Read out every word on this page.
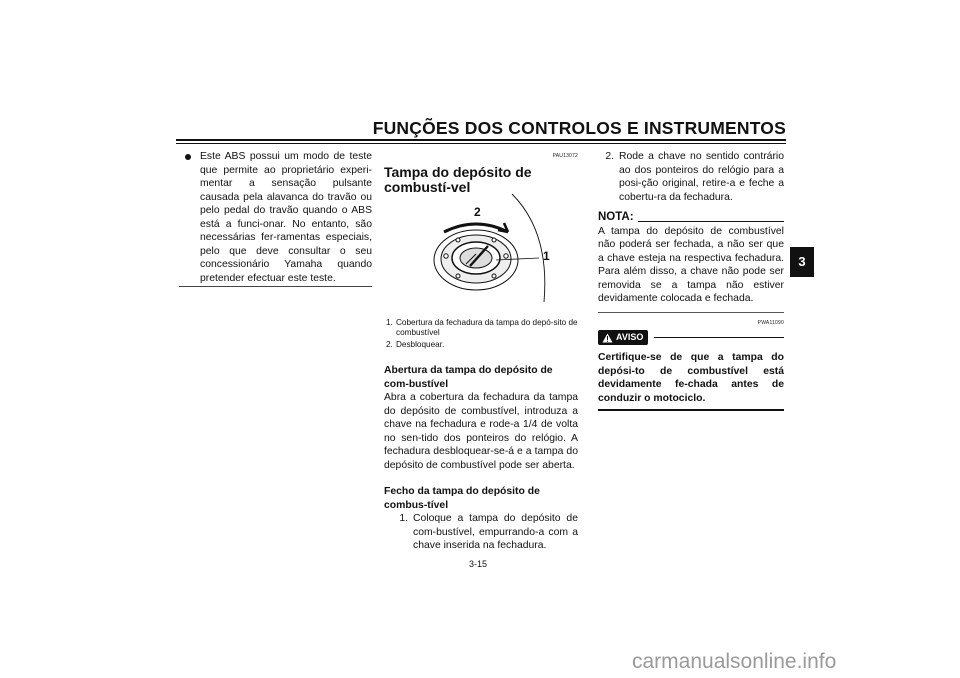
FUNÇÕES DOS CONTROLOS E INSTRUMENTOS
3
Este ABS possui um modo de teste que permite ao proprietário experi-mentar a sensação pulsante causada pela alavanca do travão ou pelo pedal do travão quando o ABS está a funci-onar. No entanto, são necessárias fer-ramentas especiais, pelo que deve consultar o seu concessionário Yamaha quando pretender efectuar este teste.
PAU13072
Tampa do depósito de combustí-vel
2
1
1. Cobertura da fechadura da tampa do depó-sito de combustível
2. Desbloquear.
Abertura da tampa do depósito de com-bustível
Abra a cobertura da fechadura da tampa do depósito de combustível, introduza a chave na fechadura e rode-a 1/4 de volta no sen-tido dos ponteiros do relógio. A fechadura desbloquear-se-á e a tampa do depósito de combustível pode ser aberta.
Fecho da tampa do depósito de combus-tível
1. Coloque a tampa do depósito de com-bustível, empurrando-a com a chave inserida na fechadura.
2. Rode a chave no sentido contrário ao dos ponteiros do relógio para a posi-ção original, retire-a e feche a cobertu-ra da fechadura.
NOTA:
A tampa do depósito de combustível não poderá ser fechada, a não ser que a chave esteja na respectiva fechadura. Para além disso, a chave não pode ser removida se a tampa não estiver devidamente colocada e fechada.
PWA11090
AVISO
Certifique-se de que a tampa do depósi-to de combustível está devidamente fe-chada antes de conduzir o motociclo.
3-15
carmanualsonline.info
